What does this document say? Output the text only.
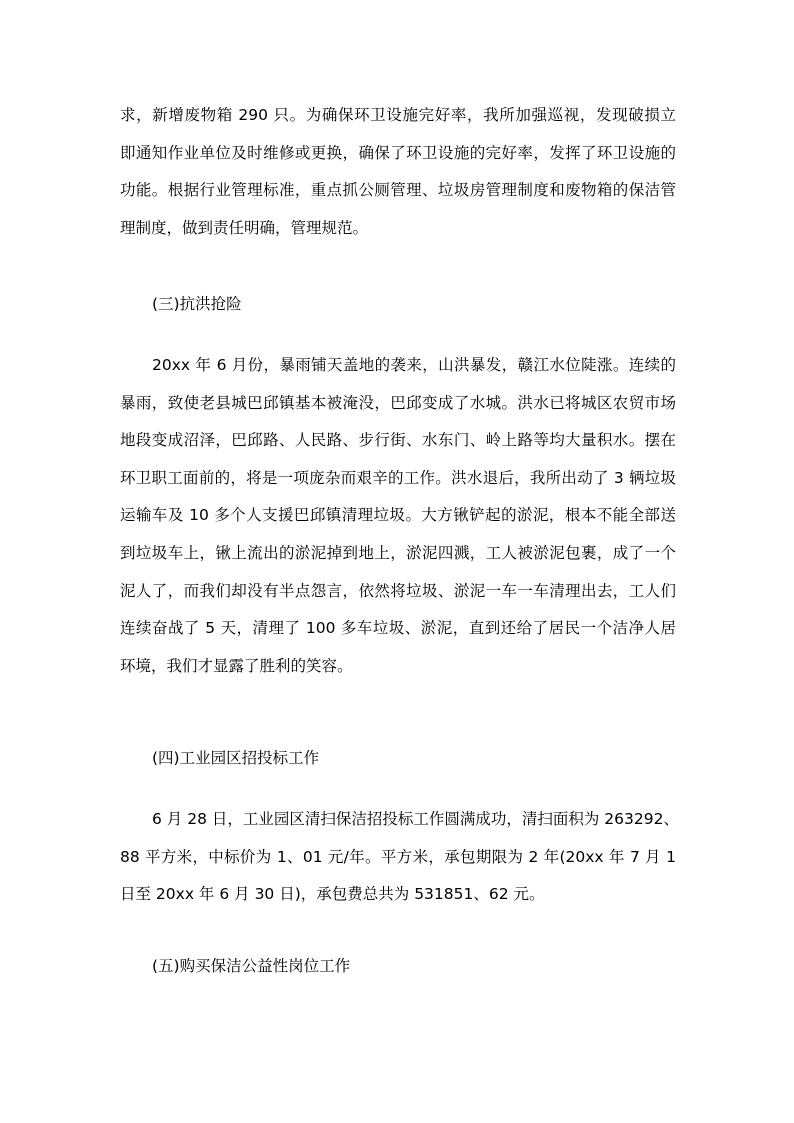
求，新增废物箱 290 只。为确保环卫设施完好率，我所加强巡视，发现破损立
即通知作业单位及时维修或更换，确保了环卫设施的完好率，发挥了环卫设施的
功能。根据行业管理标准，重点抓公厕管理、垃圾房管理制度和废物箱的保洁管
理制度，做到责任明确，管理规范。
(三)抗洪抢险
20xx 年 6 月份，暴雨铺天盖地的袭来，山洪暴发，赣江水位陡涨。连续的
暴雨，致使老县城巴邱镇基本被淹没，巴邱变成了水城。洪水已将城区农贸市场
地段变成沼泽，巴邱路、人民路、步行街、水东门、岭上路等均大量积水。摆在
环卫职工面前的，将是一项庞杂而艰辛的工作。洪水退后，我所出动了 3 辆垃圾
运输车及 10 多个人支援巴邱镇清理垃圾。大方锹铲起的淤泥，根本不能全部送
到垃圾车上，锹上流出的淤泥掉到地上，淤泥四溅，工人被淤泥包裹，成了一个
泥人了，而我们却没有半点怨言，依然将垃圾、淤泥一车一车清理出去，工人们
连续奋战了 5 天，清理了 100 多车垃圾、淤泥，直到还给了居民一个洁净人居
环境，我们才显露了胜利的笑容。
(四)工业园区招投标工作
6 月 28 日，工业园区清扫保洁招投标工作圆满成功，清扫面积为 263292、
88 平方米，中标价为 1、01 元/年。平方米，承包期限为 2 年(20xx 年 7 月 1
日至 20xx 年 6 月 30 日)，承包费总共为 531851、62 元。
(五)购买保洁公益性岗位工作
